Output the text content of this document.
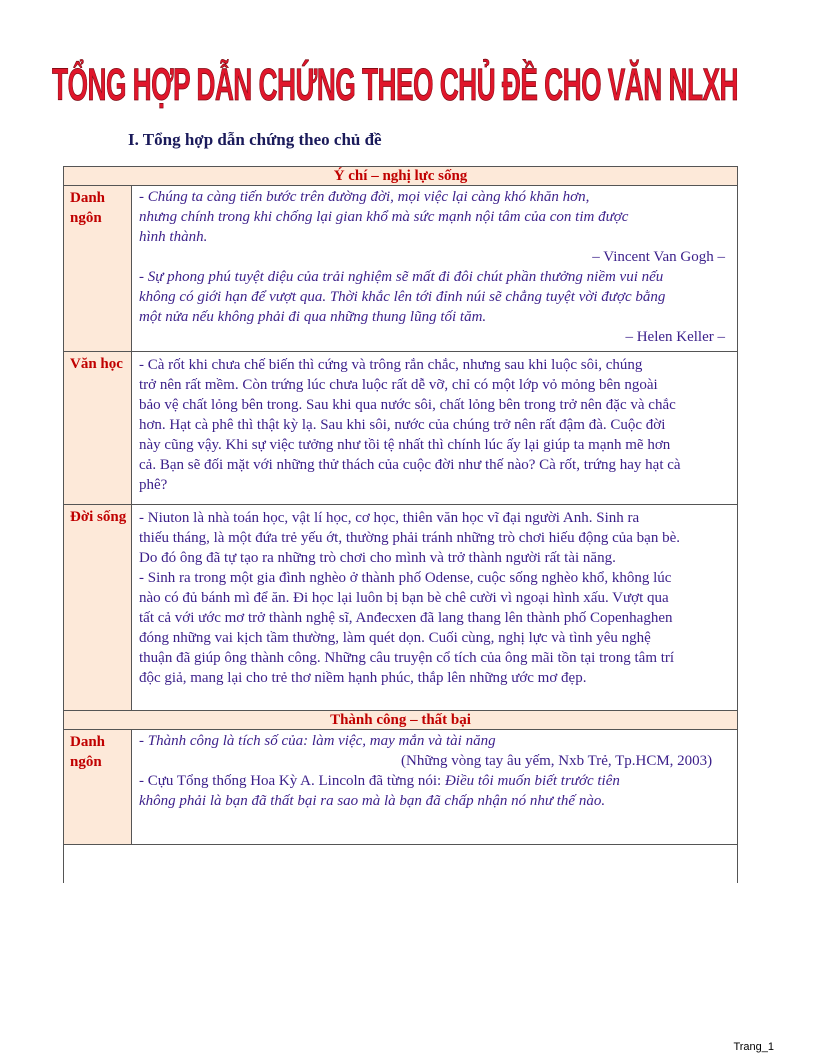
TỔNG HỢP DẪN CHỨNG THEO CHỦ ĐỀ CHO VĂN NLXH
I. Tổng hợp dẫn chứng theo chủ đề
Ý chí – nghị lực sống
Danh ngôn

- Chúng ta càng tiến bước trên đường đời, mọi việc lại càng khó khăn hơn,

nhưng chính trong khi chống lại gian khổ mà sức mạnh nội tâm của con tim được

hình thành.

– Vincent Van Gogh –

- Sự phong phú tuyệt diệu của trải nghiệm sẽ mất đi đôi chút phần thưởng niềm vui nếu

không có giới hạn để vượt qua. Thời khắc lên tới đỉnh núi sẽ chẳng tuyệt vời được bằng

một nửa nếu không phải đi qua những thung lũng tối tăm.

– Helen Keller –

Văn học	- Cà rốt khi chưa chế biến thì cứng và trông rắn chắc, nhưng sau khi luộc sôi, chúng

trở nên rất mềm. Còn trứng lúc chưa luộc rất dễ vỡ, chỉ có một lớp vỏ mỏng bên ngoài

bảo vệ chất lỏng bên trong. Sau khi qua nước sôi, chất lỏng bên trong trở nên đặc và chắc

hơn. Hạt cà phê thì thật kỳ lạ. Sau khi sôi, nước của chúng trở nên rất đậm đà. Cuộc đời

này cũng vậy. Khi sự việc tưởng như tồi tệ nhất thì chính lúc ấy lại giúp ta mạnh mẽ hơn

cả. Bạn sẽ đối mặt với những thử thách của cuộc đời như thế nào? Cà rốt, trứng hay hạt cà

phê?

Đời sống - Niuton là nhà toán học, vật lí học, cơ học, thiên văn học vĩ đại người Anh. Sinh ra

thiếu tháng, là một đứa trẻ yếu ớt, thường phải tránh những trò chơi hiếu động của bạn bè.

Do đó ông đã tự tạo ra những trò chơi cho mình và trở thành người rất tài năng.

- Sinh ra trong một gia đình nghèo ở thành phố Odense, cuộc sống nghèo khổ, không lúc

nào có đủ bánh mì để ăn. Đi học lại luôn bị bạn bè chê cười vì ngoại hình xấu. Vượt qua

tất cả với ước mơ trở thành nghệ sĩ, Anđecxen đã lang thang lên thành phố Copenhaghen

đóng những vai kịch tầm thường, làm quét dọn. Cuối cùng, nghị lực và tình yêu nghệ

thuận đã giúp ông thành công. Những câu truyện cổ tích của ông mãi tồn tại trong tâm trí

độc giả, mang lại cho trẻ thơ niềm hạnh phúc, thắp lên những ước mơ đẹp.

Thành công – thất bại
Danh ngôn

- Thành công là tích số của: làm việc, may mắn và tài năng

(Những vòng tay âu yếm, Nxb Trẻ, Tp.HCM, 2003)

- Cựu Tổng thống Hoa Kỳ A. Lincoln đã từng nói: Điều tôi muốn biết trước tiên

không phải là bạn đã thất bại ra sao mà là bạn đã chấp nhận nó như thế nào.

Trang_1
